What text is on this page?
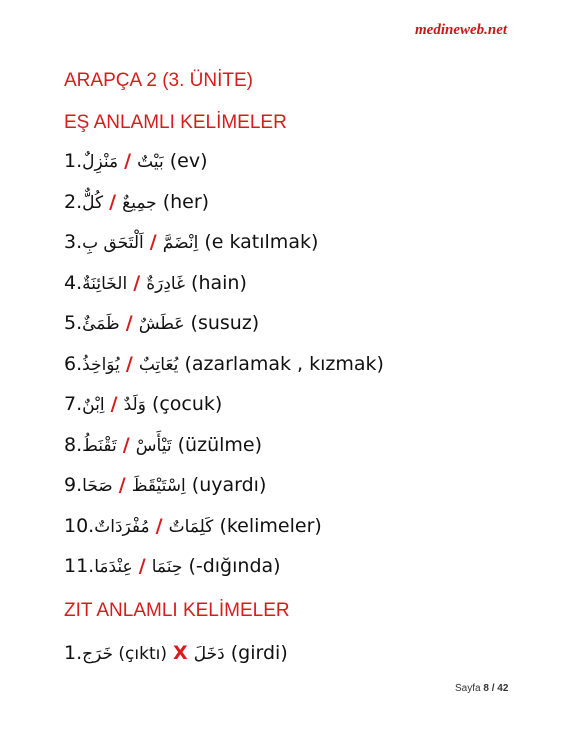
medineweb.net
ARAPÇA 2 (3. ÜNİTE)
EŞ ANLAMLI KELİMELER
1.مَنْزِلٌ / بَيْتٌ (ev)
2.كُلٌّ / جمِيعٌ (her)
3.اَلْتَحَق بِ / اِنْضَمَّ (e katılmak)
4.الخَائِنَةٌ / غَادِرَةٌ (hain)
5.ظَمَئٌ / عَطَشٌ (susuz)
6.يُوَاخِذُ / يُعَاتِبٌ (azarlamak , kızmak)
7.اِبْنٌ / وَلَدٌ (çocuk)
8.تَقْنَطُ / تَيْأَسْ (üzülme)
9.صَحَا / اِسْتَيْقَظَ (uyardı)
10.مُفْرَدَاتٌ / كَلِمَاتٌ (kelimeler)
11.عِنْدَمَا / حِنَمَا (-dığında)
ZIT ANLAMLI KELİMELER
1.(çıktı) خَرَج X دَخَلَ (girdi)
Sayfa 8 / 42
